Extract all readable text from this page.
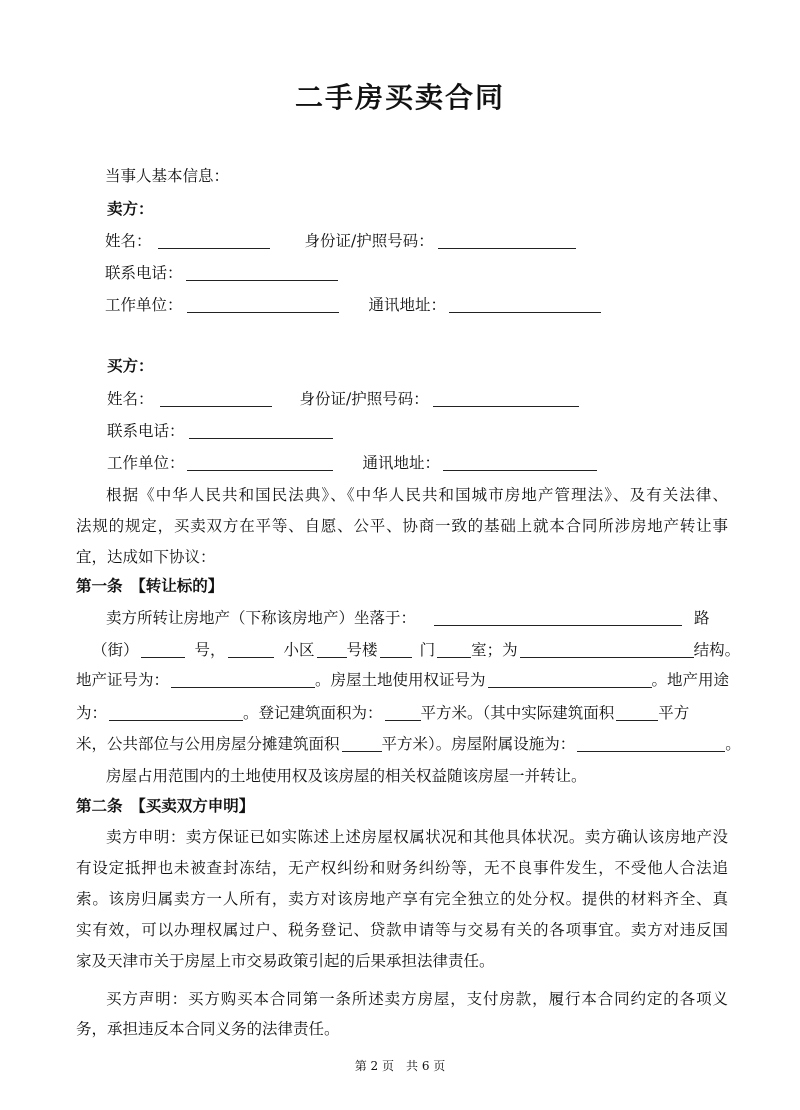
二手房买卖合同
当事人基本信息：
卖方：
姓名：	身份证/护照号码：
联系电话：
工作单位：	通讯地址：
买方：
姓名：	身份证/护照号码：
联系电话：
工作单位：	通讯地址：
根据《中华人民共和国民法典》、《中华人民共和国城市房地产管理法》、及有关法律、
法规的规定，买卖双方在平等、自愿、公平、协商一致的基础上就本合同所涉房地产转让事
宜，达成如下协议：
第一条　【转让标的】
卖方所转让房地产（下称该房地产）坐落于：	路
（街）	号，	小区 号楼	门 室；为	结构。
地产证号为：	。房屋土地使用权证号为	。地产用途
为：	。登记建筑面积为： 平方米。（其中实际建筑面积	平方
米，公共部位与公用房屋分摊建筑面积	平方米）。房屋附属设施为：	。
房屋占用范围内的土地使用权及该房屋的相关权益随该房屋一并转让。
第二条　【买卖双方申明】
卖方申明：卖方保证已如实陈述上述房屋权属状况和其他具体状况。卖方确认该房地产没
有设定抵押也未被查封冻结，无产权纠纷和财务纠纷等，无不良事件发生，不受他人合法追
索。该房归属卖方一人所有，卖方对该房地产享有完全独立的处分权。提供的材料齐全、真
实有效，可以办理权属过户、税务登记、贷款申请等与交易有关的各项事宜。卖方对违反国
家及天津市关于房屋上市交易政策引起的后果承担法律责任。
买方声明：买方购买本合同第一条所述卖方房屋，支付房款，履行本合同约定的各项义
务，承担违反本合同义务的法律责任。
第 2 页　共 6 页
